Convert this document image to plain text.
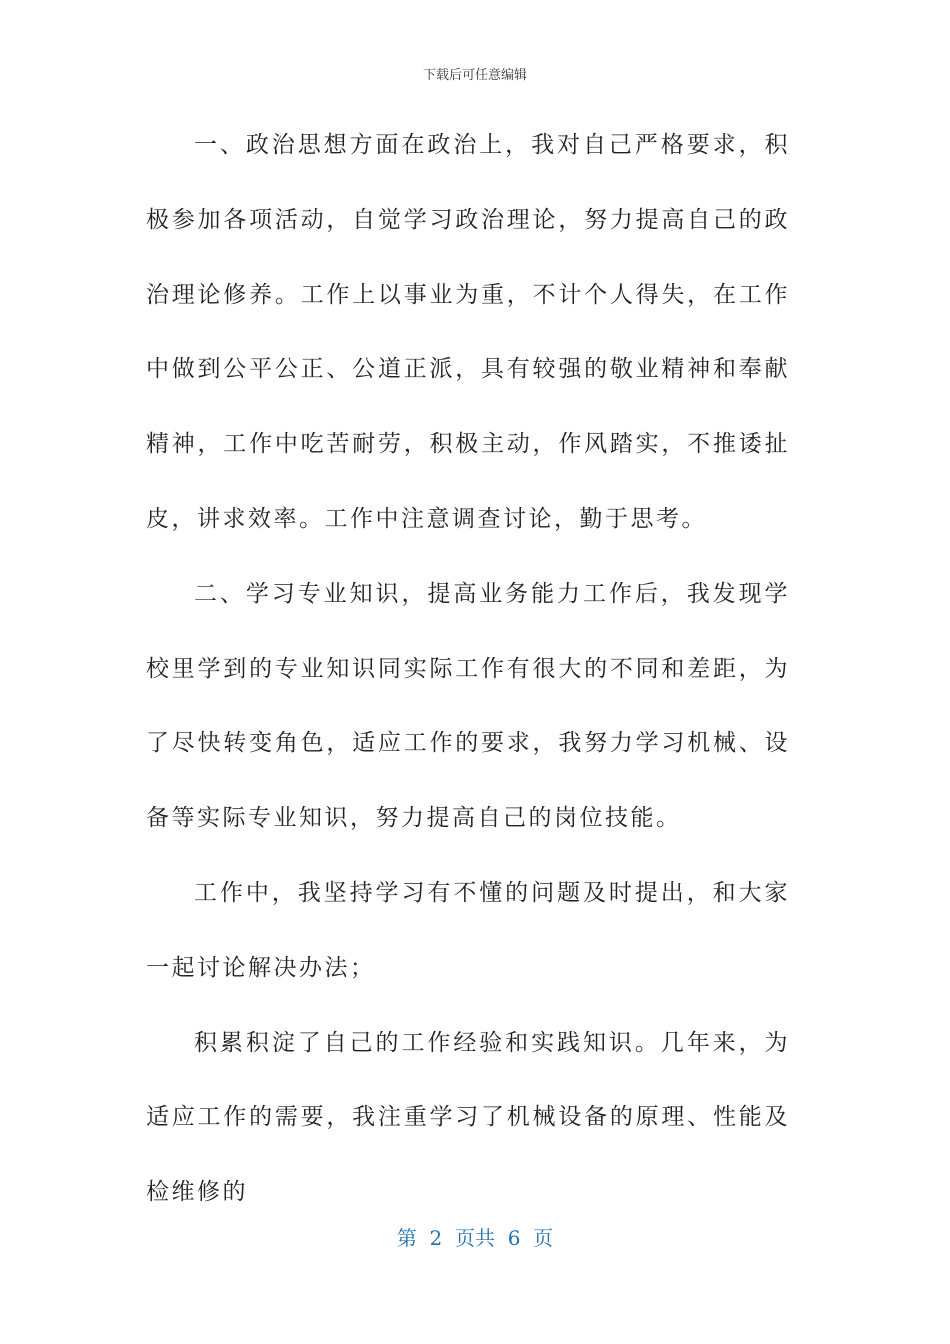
下载后可任意编辑

一、政治思想方面在政治上，我对自己严格要求，积极参加各项活动，自觉学习政治理论，努力提高自己的政治理论修养。工作上以事业为重，不计个人得失，在工作中做到公平公正、公道正派，具有较强的敬业精神和奉献精神，工作中吃苦耐劳，积极主动，作风踏实，不推诿扯皮，讲求效率。工作中注意调查讨论，勤于思考。

二、学习专业知识，提高业务能力工作后，我发现学校里学到的专业知识同实际工作有很大的不同和差距，为了尽快转变角色，适应工作的要求，我努力学习机械、设备等实际专业知识，努力提高自己的岗位技能。

工作中，我坚持学习有不懂的问题及时提出，和大家一起讨论解决办法；

积累积淀了自己的工作经验和实践知识。几年来，为适应工作的需要，我注重学习了机械设备的原理、性能及检维修的

第 2 页共 6 页
